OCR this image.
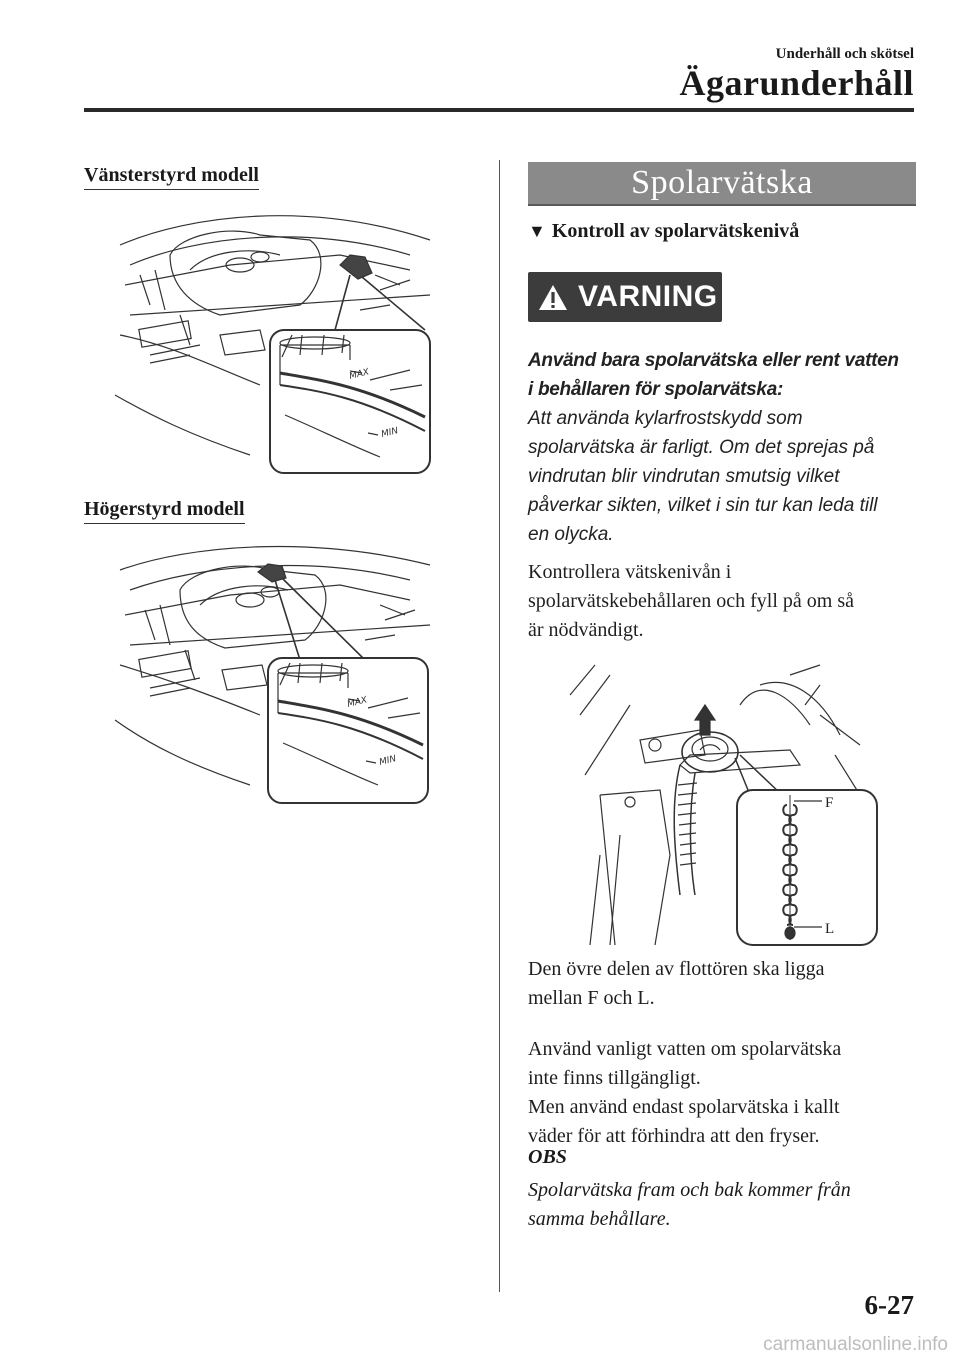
Underhåll och skötsel
Ägarunderhåll
Vänsterstyrd modell
MAX
MIN
Högerstyrd modell
MAX
MIN
Spolarvätska
▼ Kontroll av spolarvätskenivå
VARNING
Använd bara spolarvätska eller rent vatten
i behållaren för spolarvätska:
Att använda kylarfrostskydd som
spolarvätska är farligt. Om det sprejas på
vindrutan blir vindrutan smutsig vilket
påverkar sikten, vilket i sin tur kan leda till
en olycka.
Kontrollera vätskenivån i
spolarvätskebehållaren och fyll på om så
är nödvändigt.
F
L
Den övre delen av flottören ska ligga
mellan F och L.
Använd vanligt vatten om spolarvätska
inte finns tillgängligt.
Men använd endast spolarvätska i kallt
väder för att förhindra att den fryser.
OBS
Spolarvätska fram och bak kommer från
samma behållare.
6-27
carmanualsonline.info
